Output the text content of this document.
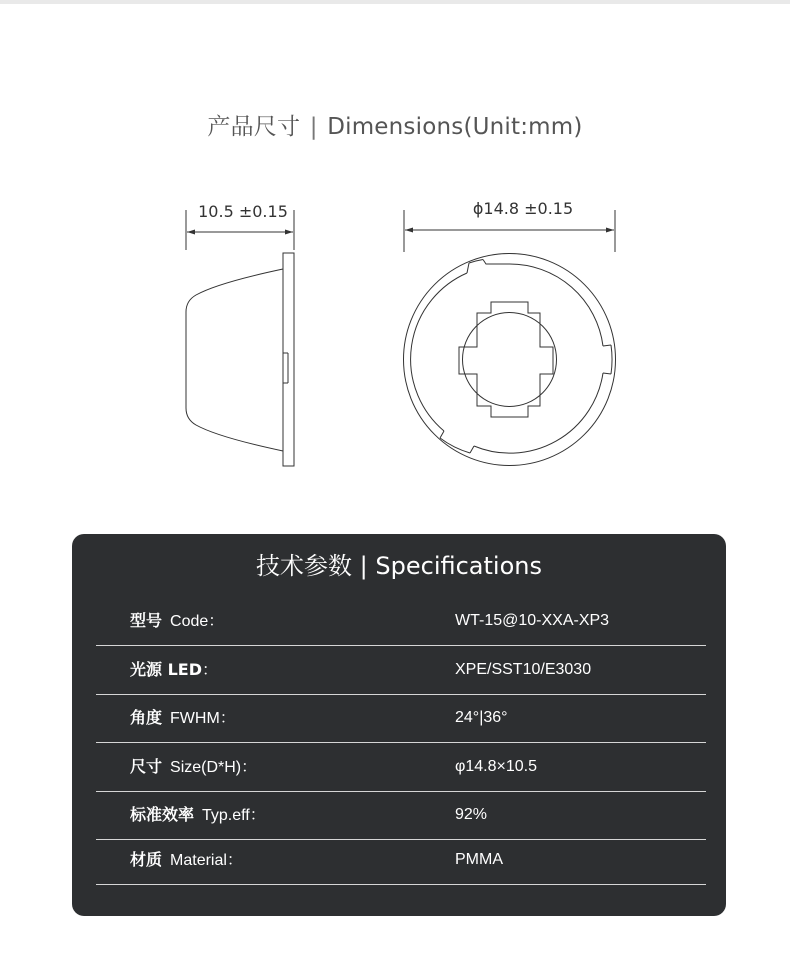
产品尺寸 | Dimensions(Unit:mm)
10.5 ±0.15	ϕ14.8 ±0.15
技术参数 | Specifications
型号 Code：	WT-15@10-XXA-XP3
光源 LED：	XPE/SST10/E3030
角度 FWHM：	24°|36°
尺寸 Size(D*H)：	φ14.8×10.5
标准效率 Typ.eff：	92%
材质 Material：	PMMA
